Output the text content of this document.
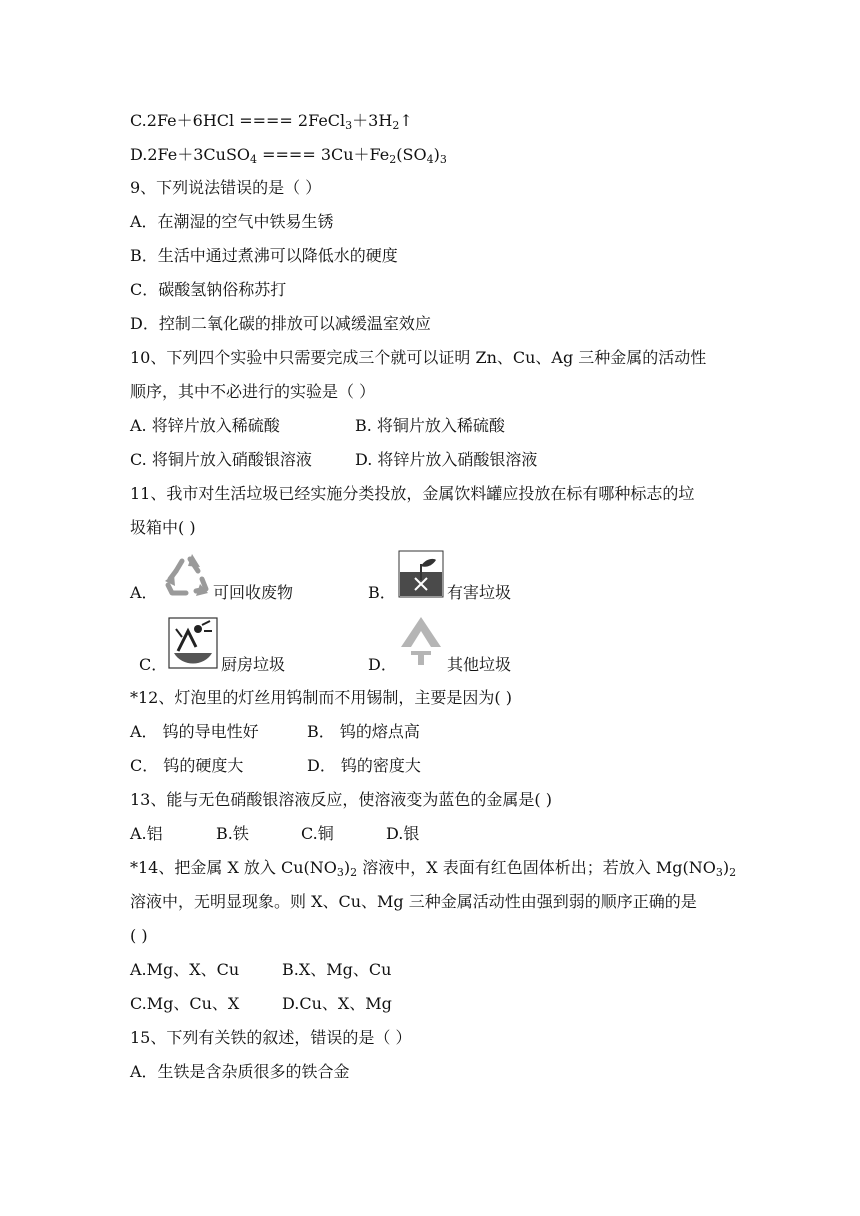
C.2Fe＋6HCl ==== $2FeCl_3+3H_2↑$
D.2Fe＋3CuSO$_4$ ==== $3Cu+Fe_2(SO_4)_3$
9、下列说法错误的是（ ）
A．在潮湿的空气中铁易生锈
B．生活中通过煮沸可以降低水的硬度
C．碳酸氢钠俗称苏打
D．控制二氧化碳的排放可以减缓温室效应
10、下列四个实验中只需要完成三个就可以证明 Zn、Cu、Ag 三种金属的活动性
顺序，其中不必进行的实验是（ ）
A. 将锌片放入稀硫酸	B. 将铜片放入稀硫酸
C. 将铜片放入硝酸银溶液	D. 将锌片放入硝酸银溶液
11、我市对生活垃圾已经实施分类投放，金属饮料罐应投放在标有哪种标志的垃
圾箱中( )
A．	可回收废物	B．	有害垃圾
C．	厨房垃圾	D．	其他垃圾
*12、灯泡里的灯丝用钨制而不用锡制，主要是因为( )
A． 钨的导电性好	B． 钨的熔点高
C． 钨的硬度大	D． 钨的密度大
13、能与无色硝酸银溶液反应，使溶液变为蓝色的金属是( )
A.铝	B.铁	C.铜	D.银
*14、把金属 X 放入 $Cu(NO_3)_2$ 溶液中，X 表面有红色固体析出；若放入 $Mg(NO_3)_2$
溶液中，无明显现象。则 X、Cu、Mg 三种金属活动性由强到弱的顺序正确的是
( )
A.Mg、X、Cu	B.X、Mg、Cu
C.Mg、Cu、X	D.Cu、X、Mg
15、下列有关铁的叙述，错误的是（ ）
A．生铁是含杂质很多的铁合金
